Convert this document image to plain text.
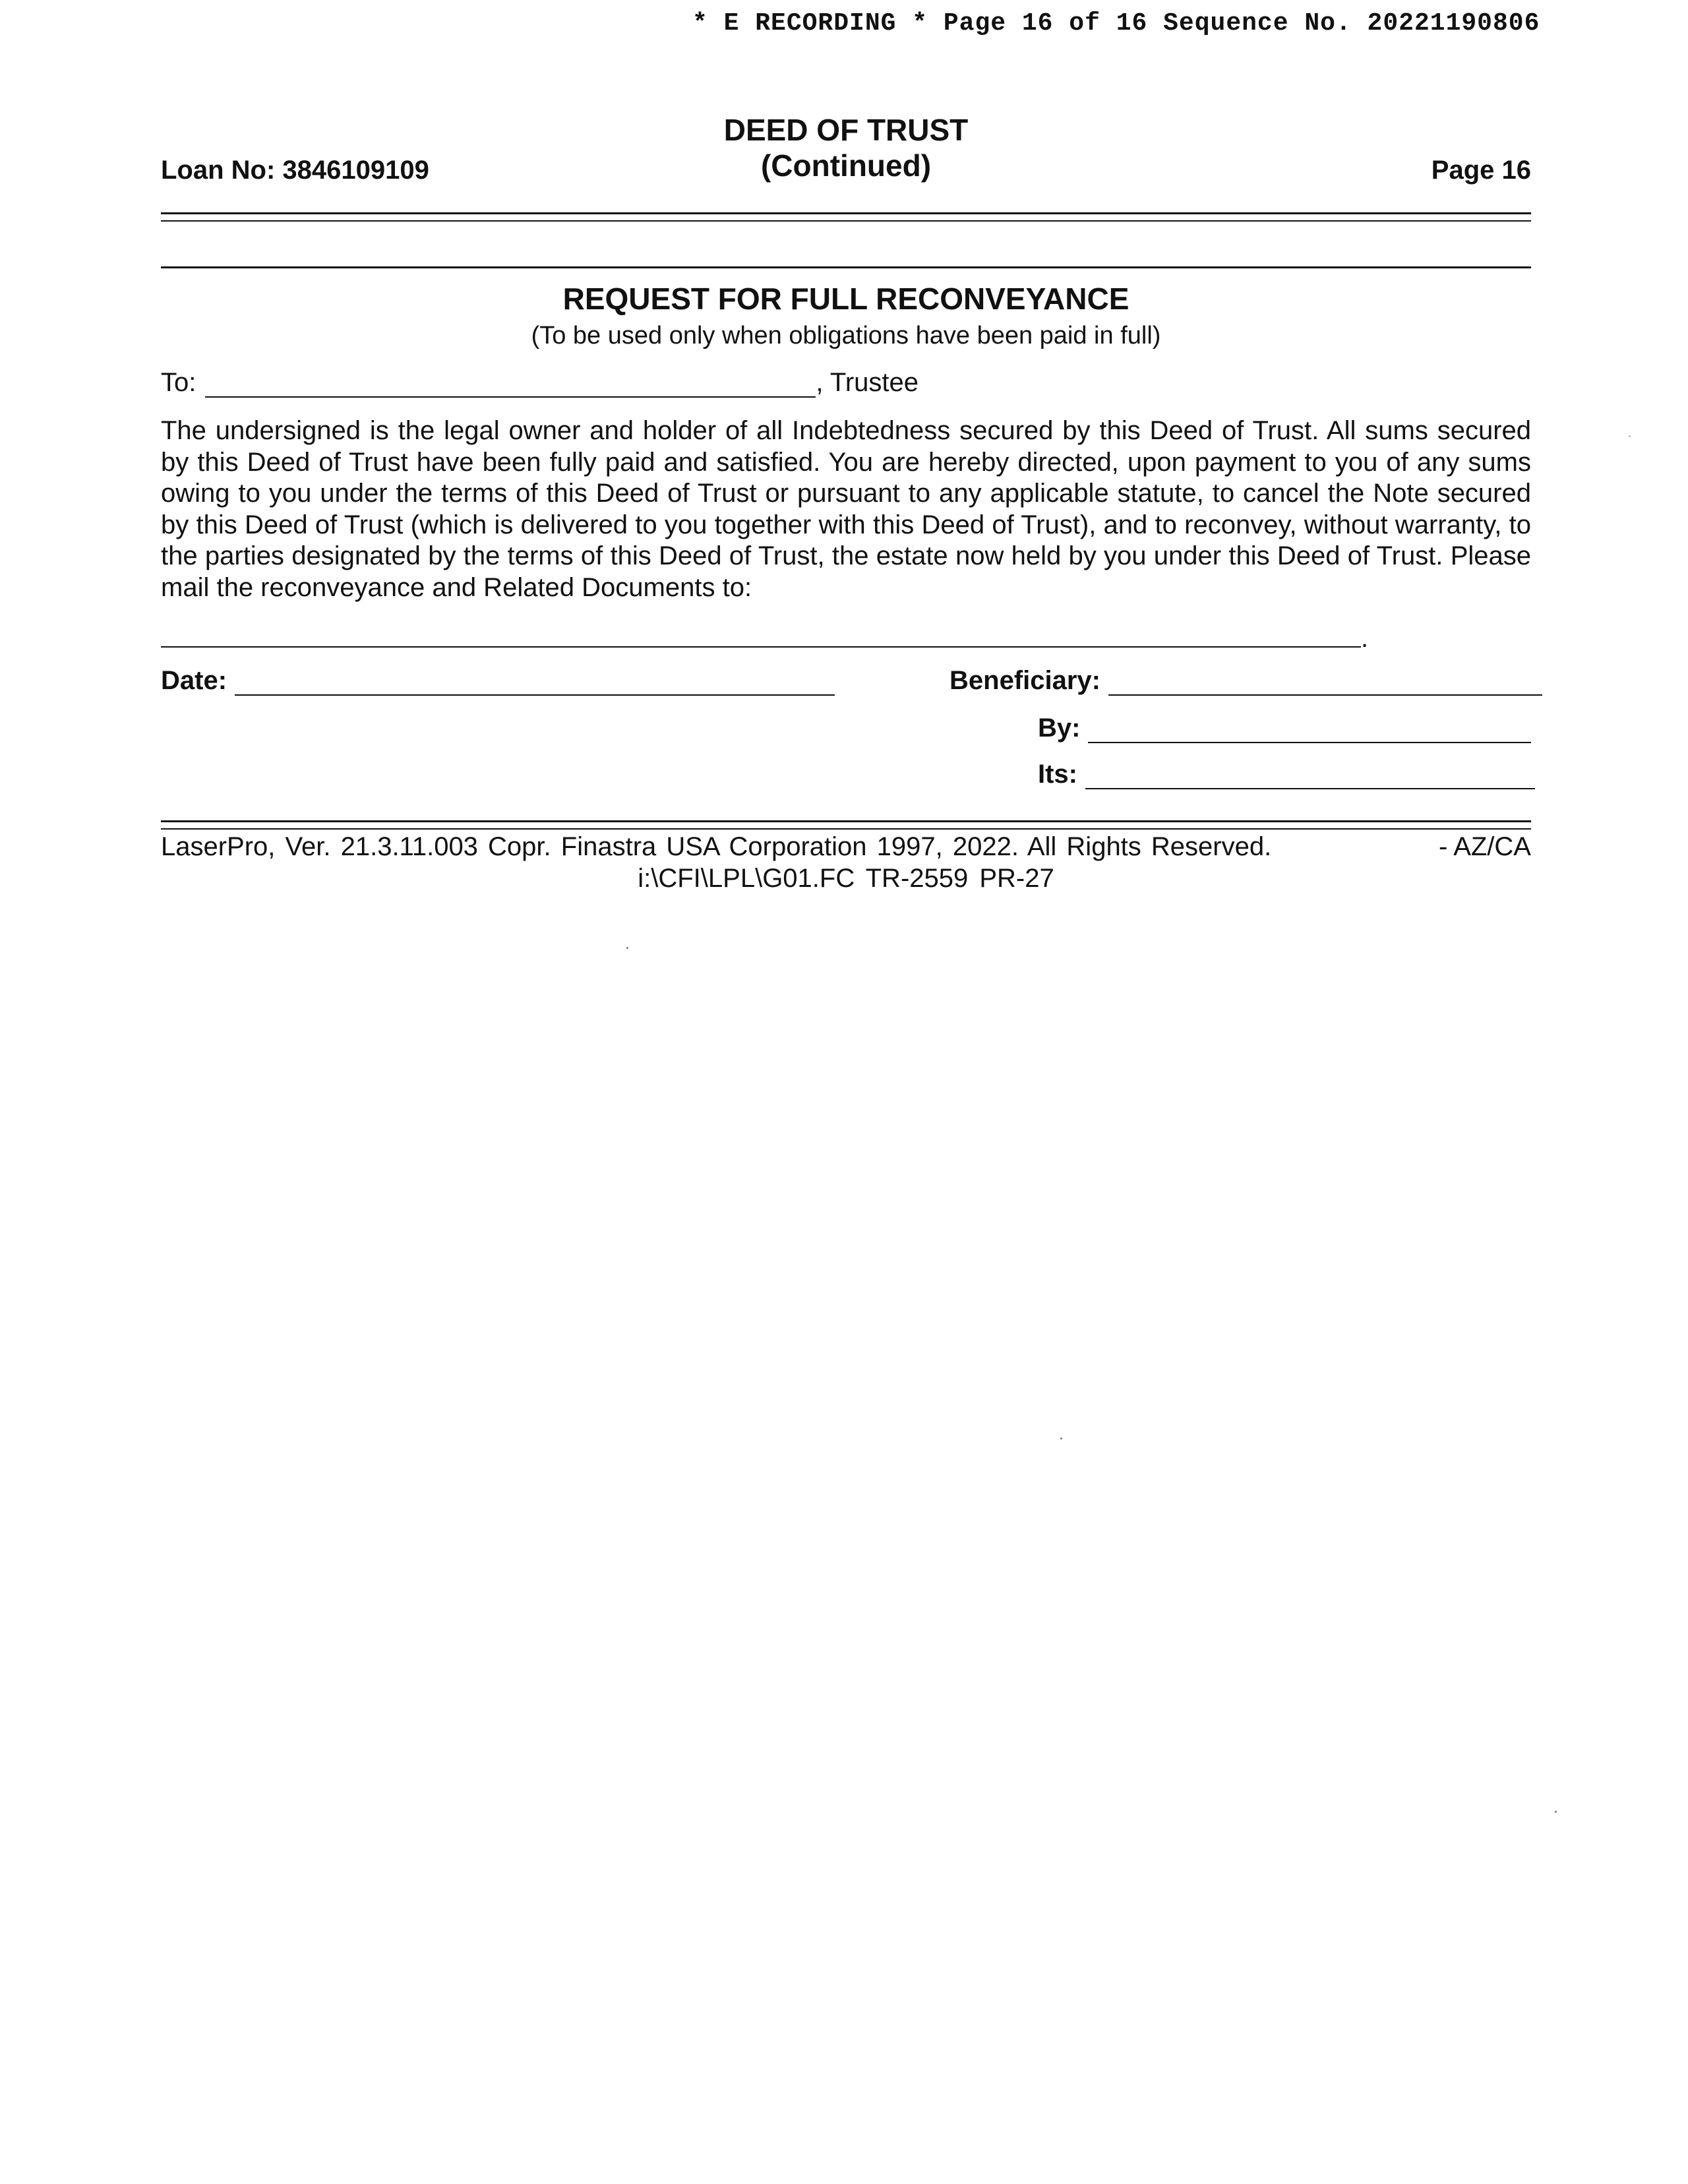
* E RECORDING * Page 16 of 16 Sequence No. 20221190806
Loan No: 3846109109
DEED OF TRUST
(Continued)	Page 16
REQUEST FOR FULL RECONVEYANCE
(To be used only when obligations have been paid in full)
To:	, Trustee
The undersigned is the legal owner and holder of all Indebtedness secured by this Deed of Trust. All sums secured by this Deed of Trust have been fully paid and satisfied. You are hereby directed, upon payment to you of any sums owing to you under the terms of this Deed of Trust or pursuant to any applicable statute, to cancel the Note secured by this Deed of Trust (which is delivered to you together with this Deed of Trust), and to reconvey, without warranty, to the parties designated by the terms of this Deed of Trust, the estate now held by you under this Deed of Trust. Please mail the reconveyance and Related Documents to:
.
Date:	Beneficiary:
By:
Its:
LaserPro, Ver. 21.3.11.003 Copr. Finastra USA Corporation 1997, 2022. All Rights Reserved.	- AZ/CA
i:\CFI\LPL\G01.FC TR-2559 PR-27
